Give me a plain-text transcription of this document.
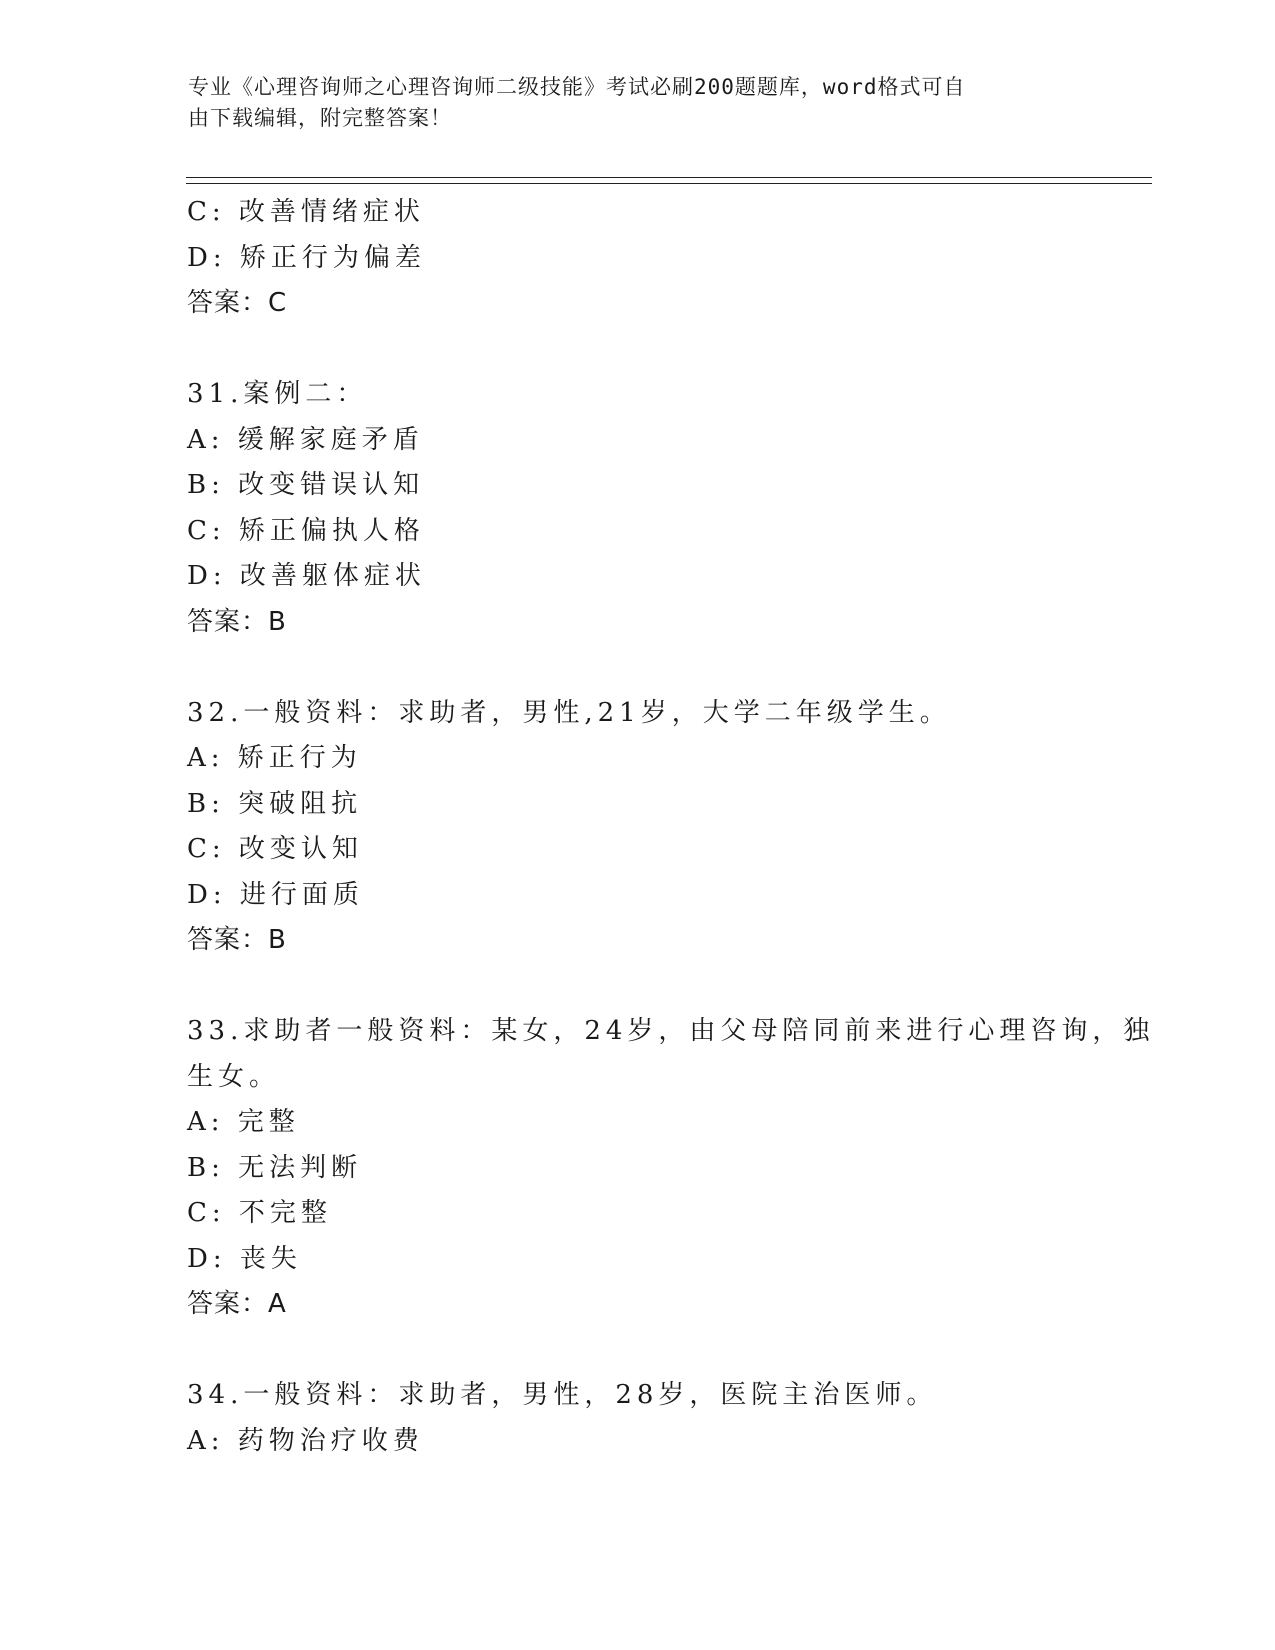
专业《心理咨询师之心理咨询师二级技能》考试必刷200题题库，word格式可自
由下载编辑，附完整答案！
C: 改善情绪症状
D: 矫正行为偏差
答案：C
31.案例二：
A: 缓解家庭矛盾
B: 改变错误认知
C: 矫正偏执人格
D: 改善躯体症状
答案：B
32.一般资料：求助者，男性,21岁，大学二年级学生。
A: 矫正行为
B: 突破阻抗
C: 改变认知
D: 进行面质
答案：B
33.求助者一般资料：某女，24岁，由父母陪同前来进行心理咨询，独
生女。
A: 完整
B: 无法判断
C: 不完整
D: 丧失
答案：A
34.一般资料：求助者，男性，28岁，医院主治医师。
A: 药物治疗收费
